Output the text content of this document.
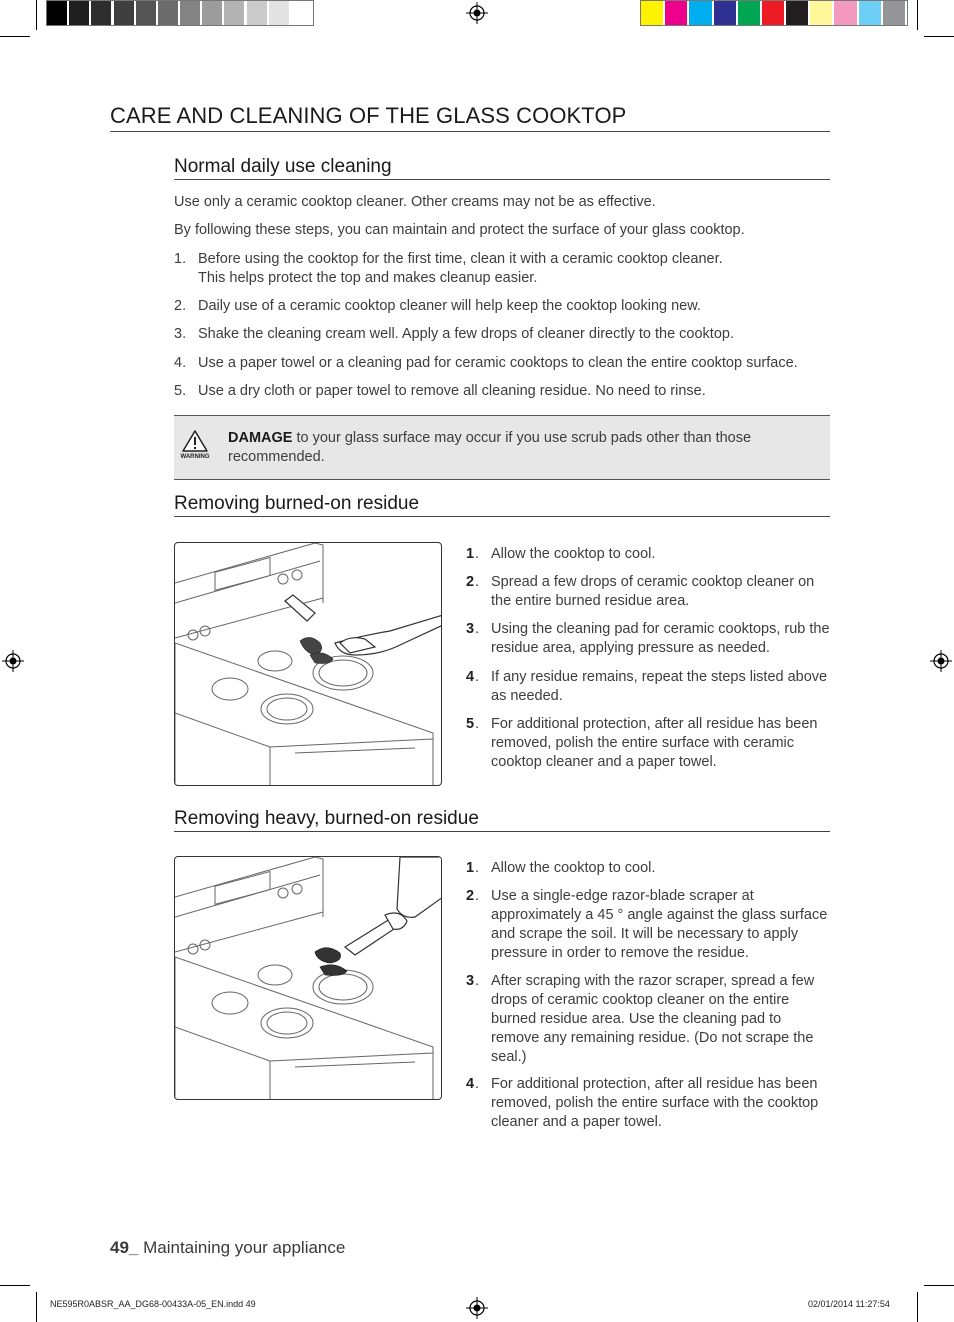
CARE AND CLEANING OF THE GLASS COOKTOP
Normal daily use cleaning
Use only a ceramic cooktop cleaner. Other creams may not be as effective.
By following these steps, you can maintain and protect the surface of your glass cooktop.
1. Before using the cooktop for the first time, clean it with a ceramic cooktop cleaner.
This helps protect the top and makes cleanup easier.
2. Daily use of a ceramic cooktop cleaner will help keep the cooktop looking new.
3. Shake the cleaning cream well. Apply a few drops of cleaner directly to the cooktop.
4. Use a paper towel or a cleaning pad for ceramic cooktops to clean the entire cooktop surface.
5. Use a dry cloth or paper towel to remove all cleaning residue. No need to rinse.
WARNING
DAMAGE to your glass surface may occur if you use scrub pads other than those recommended.
Removing burned-on residue
1 . Allow the cooktop to cool.
2 . Spread a few drops of ceramic cooktop cleaner on the entire burned residue area.
3 . Using the cleaning pad for ceramic cooktops, rub the residue area, applying pressure as needed.
4 . If any residue remains, repeat the steps listed above as needed.
5 . For additional protection, after all residue has been removed, polish the entire surface with ceramic cooktop cleaner and a paper towel.
Removing heavy, burned-on residue
1 . Allow the cooktop to cool.
2 . Use a single-edge razor-blade scraper at approximately a 45 ° angle against the glass surface and scrape the soil. It will be necessary to apply pressure in order to remove the residue.
3 . After scraping with the razor scraper, spread a few drops of ceramic cooktop cleaner on the entire burned residue area. Use the cleaning pad to remove any remaining residue. (Do not scrape the seal.)
4 . For additional protection, after all residue has been removed, polish the entire surface with the cooktop cleaner and a paper towel.
49_ Maintaining your appliance
NE595R0ABSR_AA_DG68-00433A-05_EN.indd 49	02/01/2014 11:27:54
